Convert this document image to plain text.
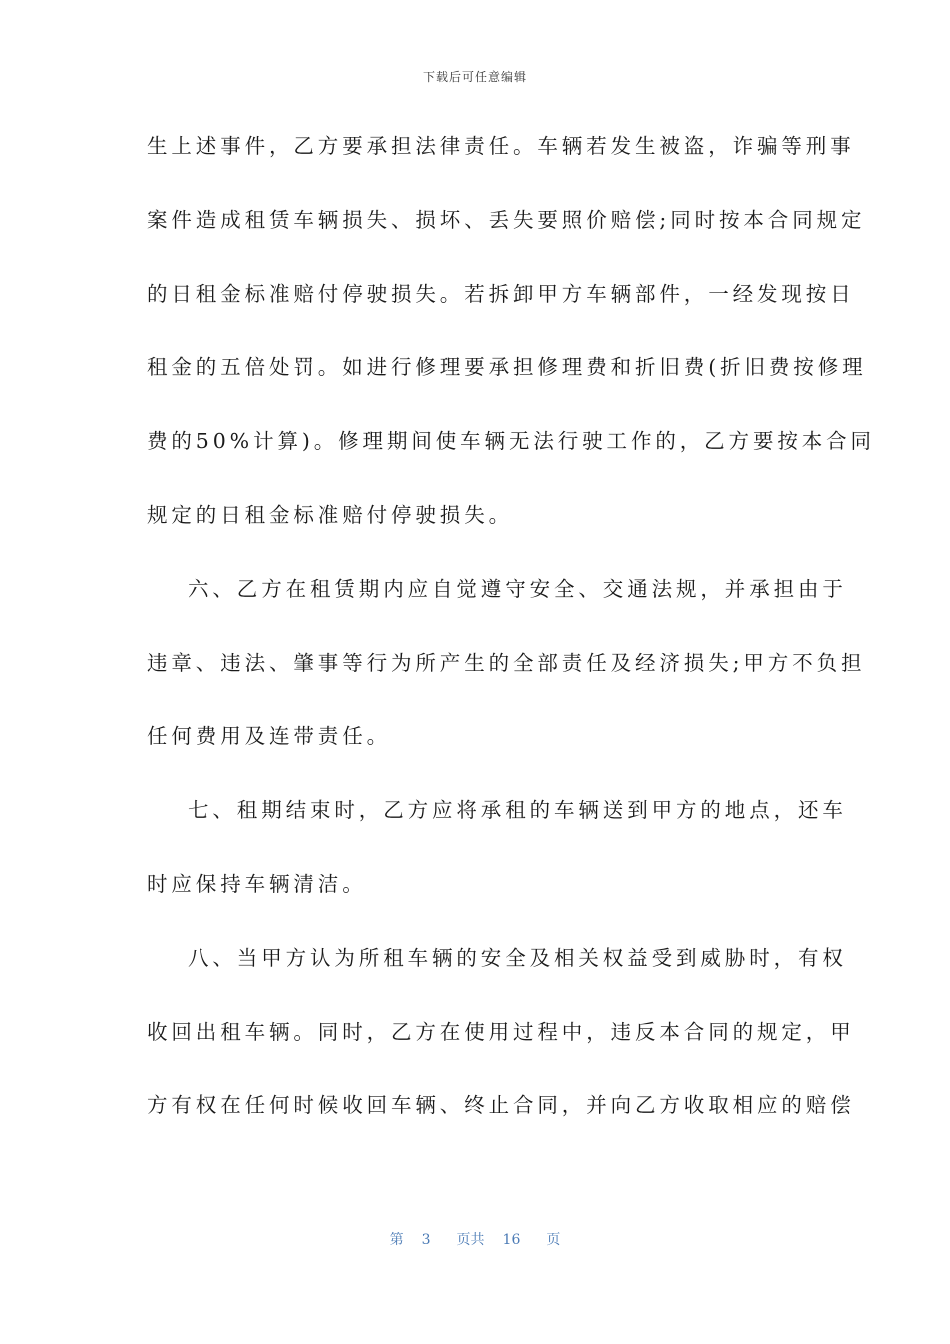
下载后可任意编辑
生上述事件，乙方要承担法律责任。车辆若发生被盗，诈骗等刑事
案件造成租赁车辆损失、损坏、丢失要照价赔偿;同时按本合同规定
的日租金标准赔付停驶损失。若拆卸甲方车辆部件，一经发现按日
租金的五倍处罚。如进行修理要承担修理费和折旧费(折旧费按修理
费的50%计算)。修理期间使车辆无法行驶工作的，乙方要按本合同
规定的日租金标准赔付停驶损失。
六、乙方在租赁期内应自觉遵守安全、交通法规，并承担由于
违章、违法、肇事等行为所产生的全部责任及经济损失;甲方不负担
任何费用及连带责任。
七、租期结束时，乙方应将承租的车辆送到甲方的地点，还车
时应保持车辆清洁。
八、当甲方认为所租车辆的安全及相关权益受到威胁时，有权
收回出租车辆。同时，乙方在使用过程中，违反本合同的规定，甲
方有权在任何时候收回车辆、终止合同，并向乙方收取相应的赔偿
第 3 页共 16 页
